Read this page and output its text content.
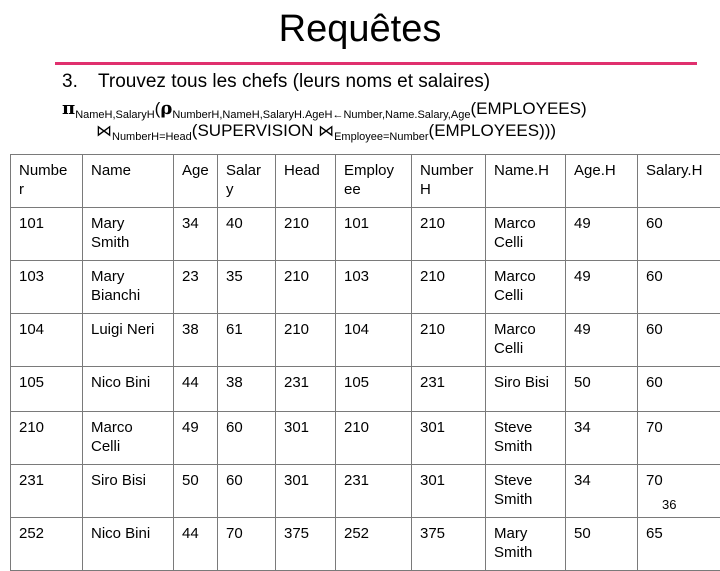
Requêtes
3. Trouvez tous les chefs (leurs noms et salaires)
$\pi_{NameH,SalaryH}(\rho_{NumberH,NameH,SalaryH.AgeH\leftarrow Number,Name.Salary,Age}(EMPLOYEES)$
$⋈_{NumberH=Head}(SUPERVISION$ $⋈_{Employee=Number}(EMPLOYEES)$))
Numbe r	Name	Age	Salar y	Head	Employ ee	Number H	Name.H	Age.H	Salary.H
101	Mary Smith	34	40	210	101	210	Marco Celli	49	60
103	Mary Bianchi	23	35	210	103	210	Marco Celli	49	60
104	Luigi Neri	38	61	210	104	210	Marco Celli	49	60
105	Nico Bini	44	38	231	105	231	Siro Bisi	50	60
210	Marco Celli	49	60	301	210	301	Steve Smith	34	70
231	Siro Bisi	50	60	301	231	301	Steve Smith	34	70
252	Nico Bini	44	70	375	252	375	Mary Smith	50	65
36
